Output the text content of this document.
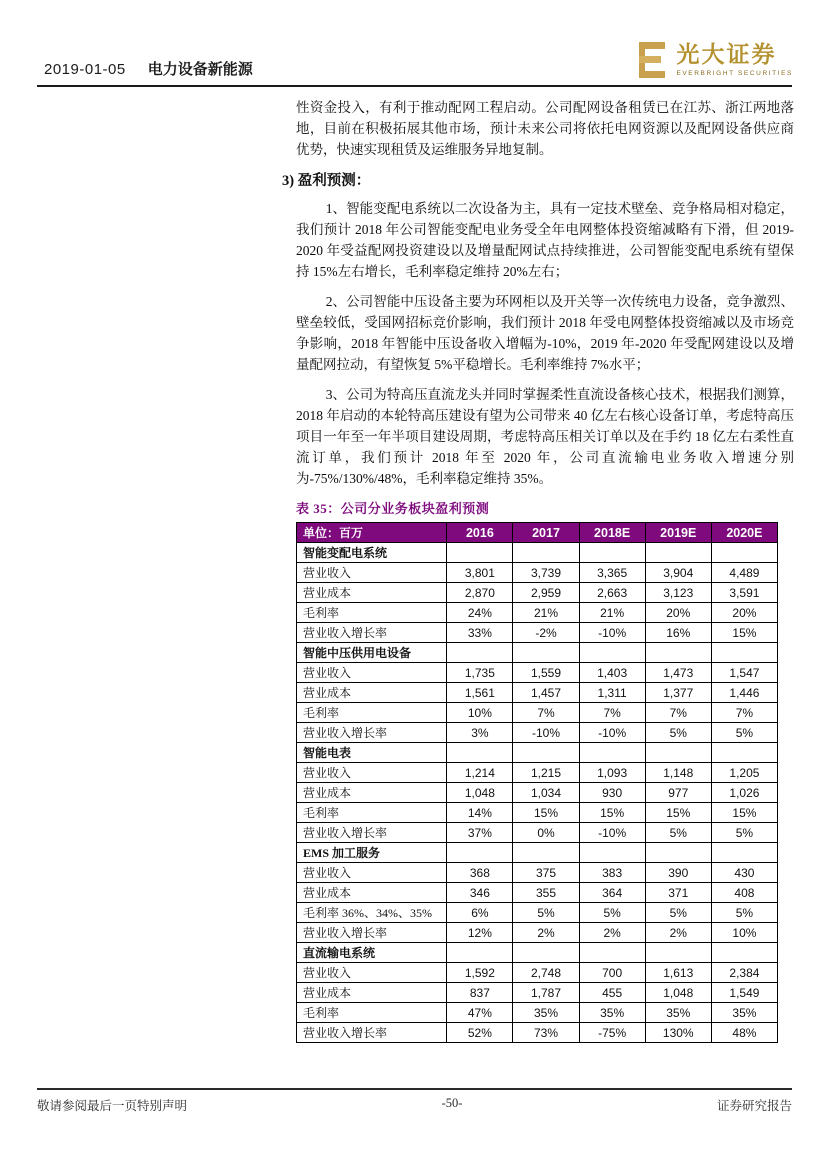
2019-01-05 电力设备新能源
光大证券
EVERBRIGHT SECURITIES

性资金投入，有利于推动配网工程启动。公司配网设备租赁已在江苏、浙江两地落地，目前在积极拓展其他市场，预计未来公司将依托电网资源以及配网设备供应商优势，快速实现租赁及运维服务异地复制。

3) 盈利预测：

1、智能变配电系统以二次设备为主，具有一定技术壁垒、竞争格局相对稳定，我们预计 2018 年公司智能变配电业务受全年电网整体投资缩减略有下滑，但 2019-2020 年受益配网投资建设以及增量配网试点持续推进，公司智能变配电系统有望保持 15%左右增长，毛利率稳定维持 20%左右；

2、公司智能中压设备主要为环网柜以及开关等一次传统电力设备，竞争激烈、壁垒较低，受国网招标竞价影响，我们预计 2018 年受电网整体投资缩减以及市场竞争影响，2018 年智能中压设备收入增幅为-10%，2019 年-2020 年受配网建设以及增量配网拉动，有望恢复 5%平稳增长。毛利率维持 7%水平；

3、公司为特高压直流龙头并同时掌握柔性直流设备核心技术，根据我们测算，2018 年启动的本轮特高压建设有望为公司带来 40 亿左右核心设备订单，考虑特高压项目一年至一年半项目建设周期，考虑特高压相关订单以及在手约 18 亿左右柔性直流订单，我们预计 2018 年至 2020 年，公司直流输电业务收入增速分别为-75%/130%/48%，毛利率稳定维持 35%。

表 35：公司分业务板块盈利预测
单位：百万	2016	2017	2018E	2019E	2020E
智能变配电系统					
营业收入	3,801	3,739	3,365	3,904	4,489
营业成本	2,870	2,959	2,663	3,123	3,591
毛利率	24%	21%	21%	20%	20%
营业收入增长率	33%	-2%	-10%	16%	15%
智能中压供用电设备					
营业收入	1,735	1,559	1,403	1,473	1,547
营业成本	1,561	1,457	1,311	1,377	1,446
毛利率	10%	7%	7%	7%	7%
营业收入增长率	3%	-10%	-10%	5%	5%
智能电表					
营业收入	1,214	1,215	1,093	1,148	1,205
营业成本	1,048	1,034	930	977	1,026
毛利率	14%	15%	15%	15%	15%
营业收入增长率	37%	0%	-10%	5%	5%
EMS 加工服务					
营业收入	368	375	383	390	430
营业成本	346	355	364	371	408
毛利率 36%、34%、35%	6%	5%	5%	5%	5%
营业收入增长率	12%	2%	2%	2%	10%
直流输电系统					
营业收入	1,592	2,748	700	1,613	2,384
营业成本	837	1,787	455	1,048	1,549
毛利率	47%	35%	35%	35%	35%
营业收入增长率	52%	73%	-75%	130%	48%
敬请参阅最后一页特别声明	-50-	证券研究报告
